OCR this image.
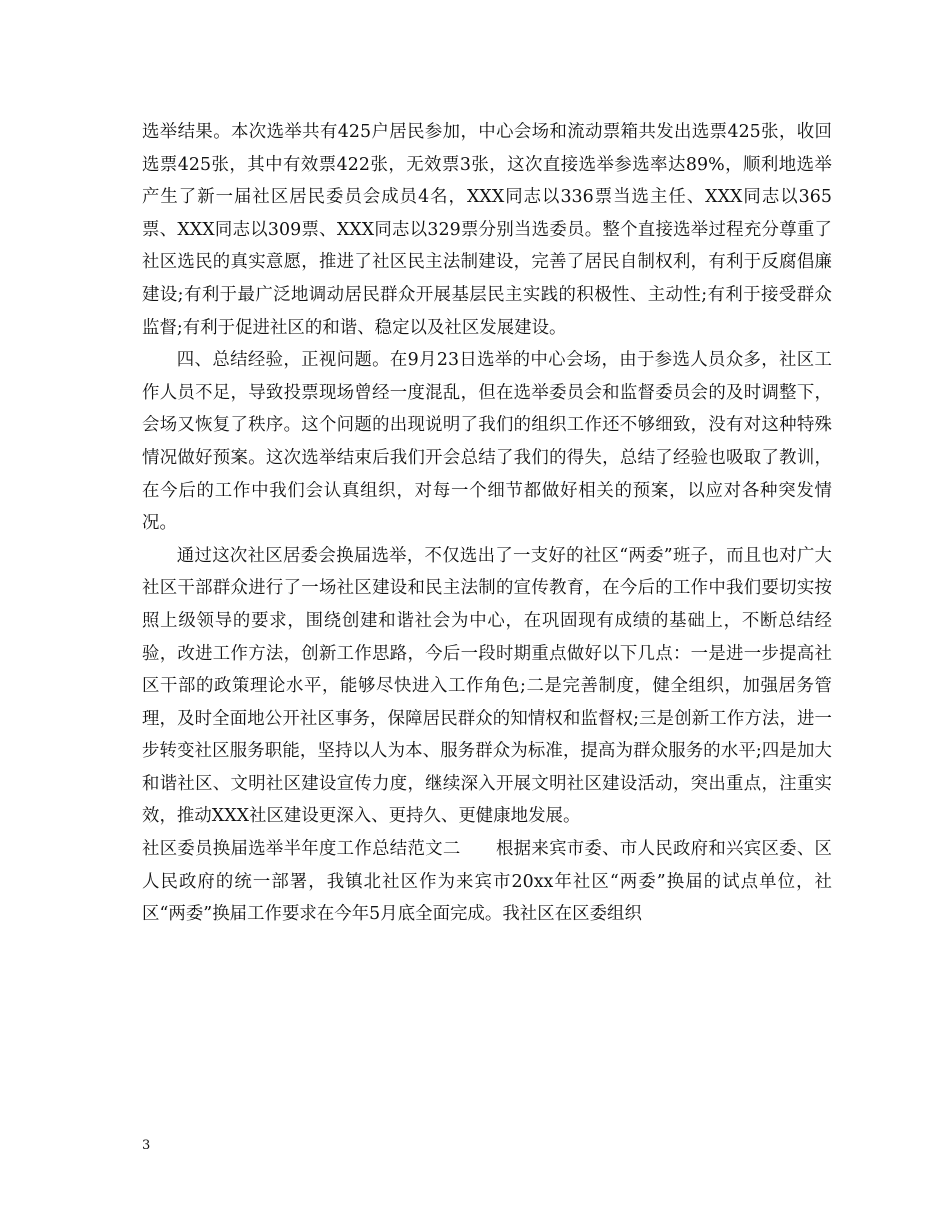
选举结果。本次选举共有425户居民参加，中心会场和流动票箱共发出选票425张，收回选票425张，其中有效票422张，无效票3张，这次直接选举参选率达89%，顺利地选举产生了新一届社区居民委员会成员4名，XXX同志以336票当选主任、XXX同志以365票、XXX同志以309票、XXX同志以329票分别当选委员。整个直接选举过程充分尊重了社区选民的真实意愿，推进了社区民主法制建设，完善了居民自制权利，有利于反腐倡廉建设;有利于最广泛地调动居民群众开展基层民主实践的积极性、主动性;有利于接受群众监督;有利于促进社区的和谐、稳定以及社区发展建设。

四、总结经验，正视问题。在9月23日选举的中心会场，由于参选人员众多，社区工作人员不足，导致投票现场曾经一度混乱，但在选举委员会和监督委员会的及时调整下，会场又恢复了秩序。这个问题的出现说明了我们的组织工作还不够细致，没有对这种特殊情况做好预案。这次选举结束后我们开会总结了我们的得失，总结了经验也吸取了教训，在今后的工作中我们会认真组织，对每一个细节都做好相关的预案，以应对各种突发情况。

通过这次社区居委会换届选举，不仅选出了一支好的社区“两委”班子，而且也对广大社区干部群众进行了一场社区建设和民主法制的宣传教育，在今后的工作中我们要切实按照上级领导的要求，围绕创建和谐社会为中心，在巩固现有成绩的基础上，不断总结经验，改进工作方法，创新工作思路，今后一段时期重点做好以下几点：一是进一步提高社区干部的政策理论水平，能够尽快进入工作角色;二是完善制度，健全组织，加强居务管理，及时全面地公开社区事务，保障居民群众的知情权和监督权;三是创新工作方法，进一步转变社区服务职能，坚持以人为本、服务群众为标准，提高为群众服务的水平;四是加大和谐社区、文明社区建设宣传力度，继续深入开展文明社区建设活动，突出重点，注重实效，推动XXX社区建设更深入、更持久、更健康地发展。

社区委员换届选举半年度工作总结范文二　　根据来宾市委、市人民政府和兴宾区委、区人民政府的统一部署，我镇北社区作为来宾市20xx年社区“两委”换届的试点单位，社区“两委”换届工作要求在今年5月底全面完成。我社区在区委组织

3
